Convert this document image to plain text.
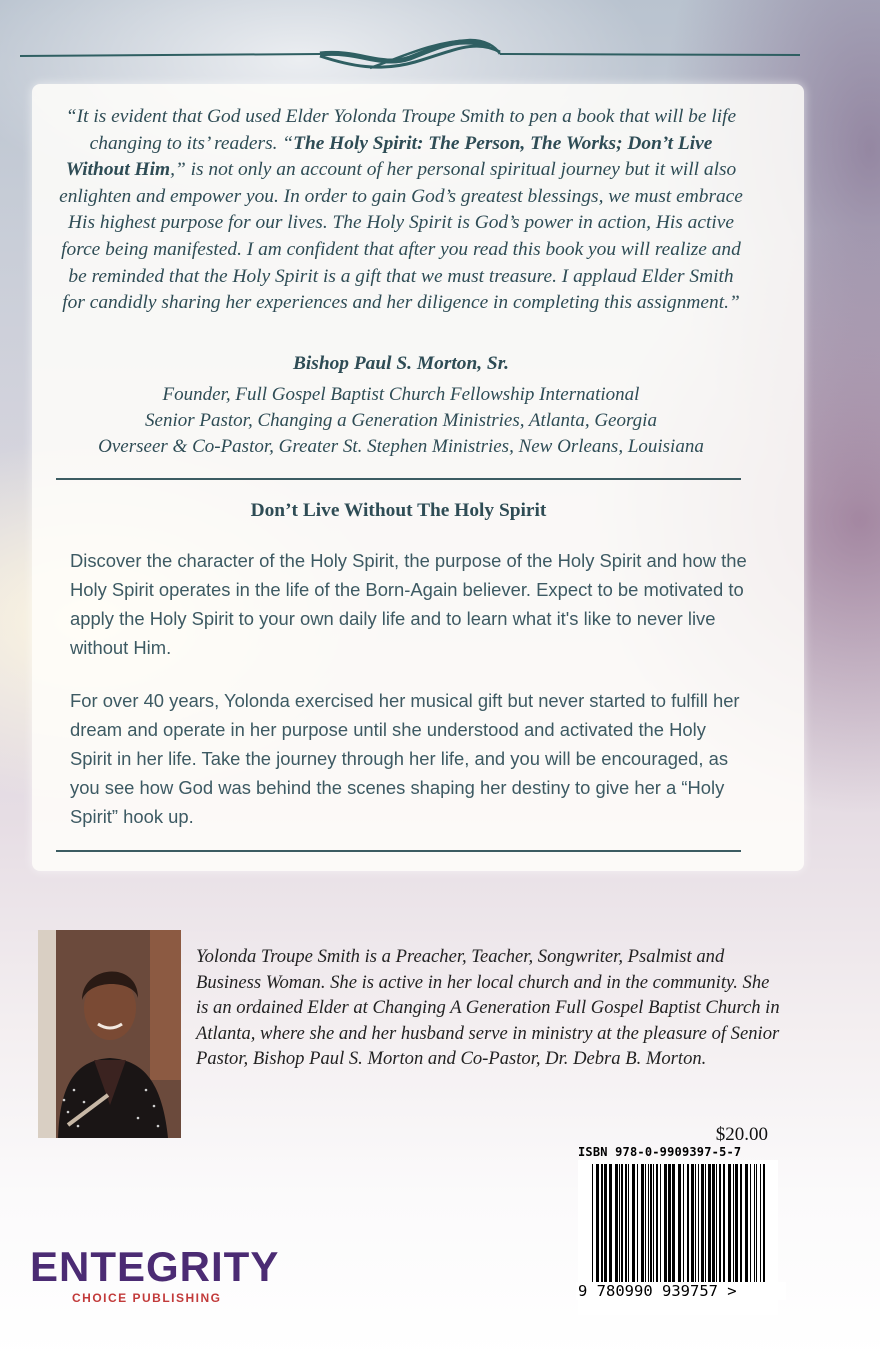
“It is evident that God used Elder Yolonda Troupe Smith to pen a book that will be life changing to its’ readers. “The Holy Spirit: The Person, The Works; Don’t Live Without Him,” is not only an account of her personal spiritual journey but it will also enlighten and empower you. In order to gain God’s greatest blessings, we must embrace His highest purpose for our lives. The Holy Spirit is God’s power in action, His active force being manifested. I am confident that after you read this book you will realize and be reminded that the Holy Spirit is a gift that we must treasure. I applaud Elder Smith for candidly sharing her experiences and her diligence in completing this assignment.”

Bishop Paul S. Morton, Sr.
Founder, Full Gospel Baptist Church Fellowship International
Senior Pastor, Changing a Generation Ministries, Atlanta, Georgia
Overseer & Co-Pastor, Greater St. Stephen Ministries, New Orleans, Louisiana
Don’t Live Without The Holy Spirit

Discover the character of the Holy Spirit, the purpose of the Holy Spirit and how the Holy Spirit operates in the life of the Born-Again believer. Expect to be motivated to apply the Holy Spirit to your own daily life and to learn what it's like to never live without Him.

For over 40 years, Yolonda exercised her musical gift but never started to fulfill her dream and operate in her purpose until she understood and activated the Holy Spirit in her life. Take the journey through her life, and you will be encouraged, as you see how God was behind the scenes shaping her destiny to give her a “Holy Spirit” hook up.

Yolonda Troupe Smith is a Preacher, Teacher, Songwriter, Psalmist and Business Woman. She is active in her local church and in the community. She is an ordained Elder at Changing A Generation Full Gospel Baptist Church in Atlanta, where she and her husband serve in ministry at the pleasure of Senior Pastor, Bishop Paul S. Morton and Co-Pastor, Dr. Debra B. Morton.

$20.00
ISBN 978-0-9909397-5-7
9 780990 939757 >
ENTEGRITY
CHOICE PUBLISHING
